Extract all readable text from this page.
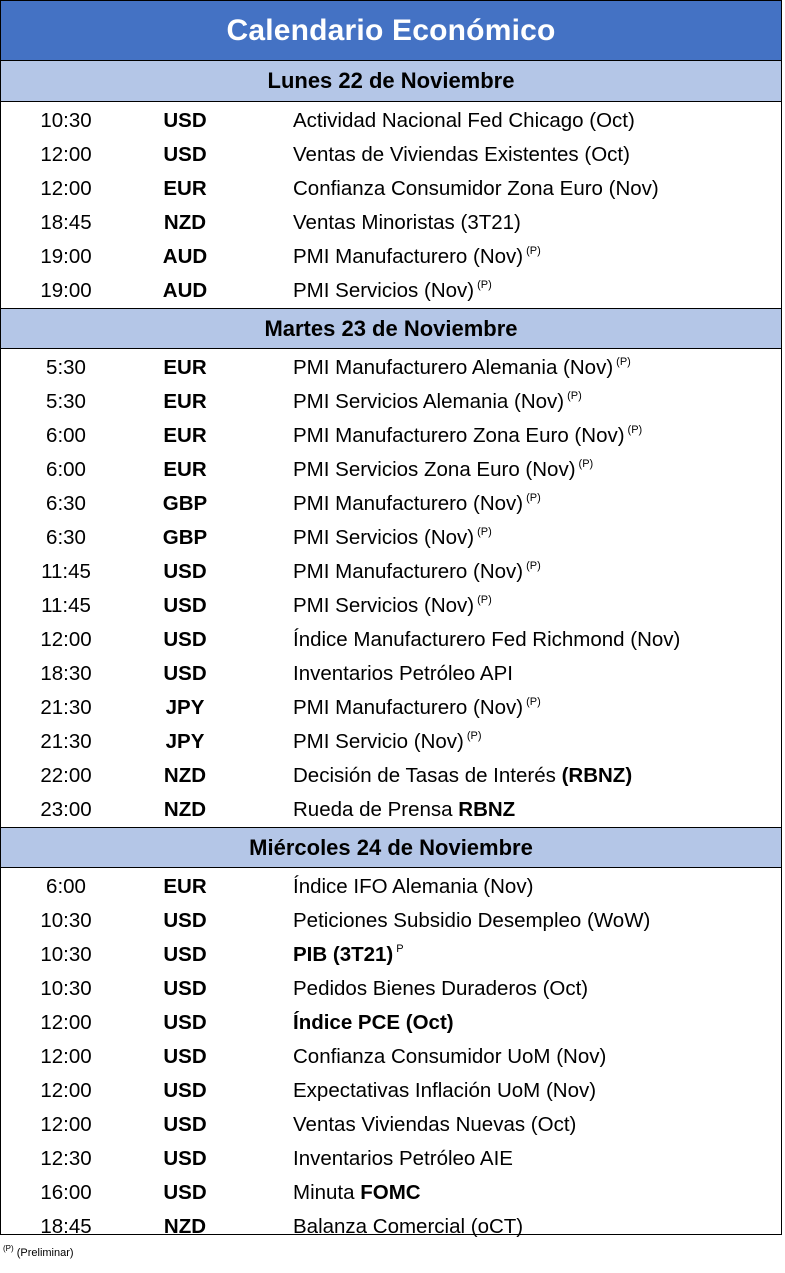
Calendario Económico
Lunes 22 de Noviembre
10:30	USD	Actividad Nacional Fed Chicago (Oct)
12:00	USD	Ventas de Viviendas Existentes (Oct)
12:00	EUR	Confianza Consumidor Zona Euro (Nov)
18:45	NZD	Ventas Minoristas (3T21)
19:00	AUD	PMI Manufacturero (Nov) $^{(P)}$
19:00	AUD	PMI Servicios (Nov) $^{(P)}$
Martes 23 de Noviembre
5:30	EUR	PMI Manufacturero Alemania (Nov) $^{(P)}$
5:30	EUR	PMI Servicios Alemania (Nov) $^{(P)}$
6:00	EUR	PMI Manufacturero Zona Euro (Nov) $^{(P)}$
6:00	EUR	PMI Servicios Zona Euro (Nov) $^{(P)}$
6:30	GBP	PMI Manufacturero (Nov) $^{(P)}$
6:30	GBP	PMI Servicios (Nov) $^{(P)}$
11:45	USD	PMI Manufacturero (Nov) $^{(P)}$
11:45	USD	PMI Servicios (Nov) $^{(P)}$
12:00	USD	Índice Manufacturero Fed Richmond (Nov)
18:30	USD	Inventarios Petróleo API
21:30	JPY	PMI Manufacturero (Nov) $^{(P)}$
21:30	JPY	PMI Servicio (Nov) $^{(P)}$
22:00	NZD	Decisión de Tasas de Interés (RBNZ)
23:00	NZD	Rueda de Prensa RBNZ
Miércoles 24 de Noviembre
6:00	EUR	Índice IFO Alemania (Nov)
10:30	USD	Peticiones Subsidio Desempleo (WoW)
10:30	USD	PIB (3T21) $^P$
10:30	USD	Pedidos Bienes Duraderos (Oct)
12:00	USD	Índice PCE (Oct)
12:00	USD	Confianza Consumidor UoM (Nov)
12:00	USD	Expectativas Inflación UoM (Nov)
12:00	USD	Ventas Viviendas Nuevas (Oct)
12:30	USD	Inventarios Petróleo AIE
16:00	USD	Minuta FOMC
18:45	NZD	Balanza Comercial (oCT)
$^{(P)}$ (Preliminar)
